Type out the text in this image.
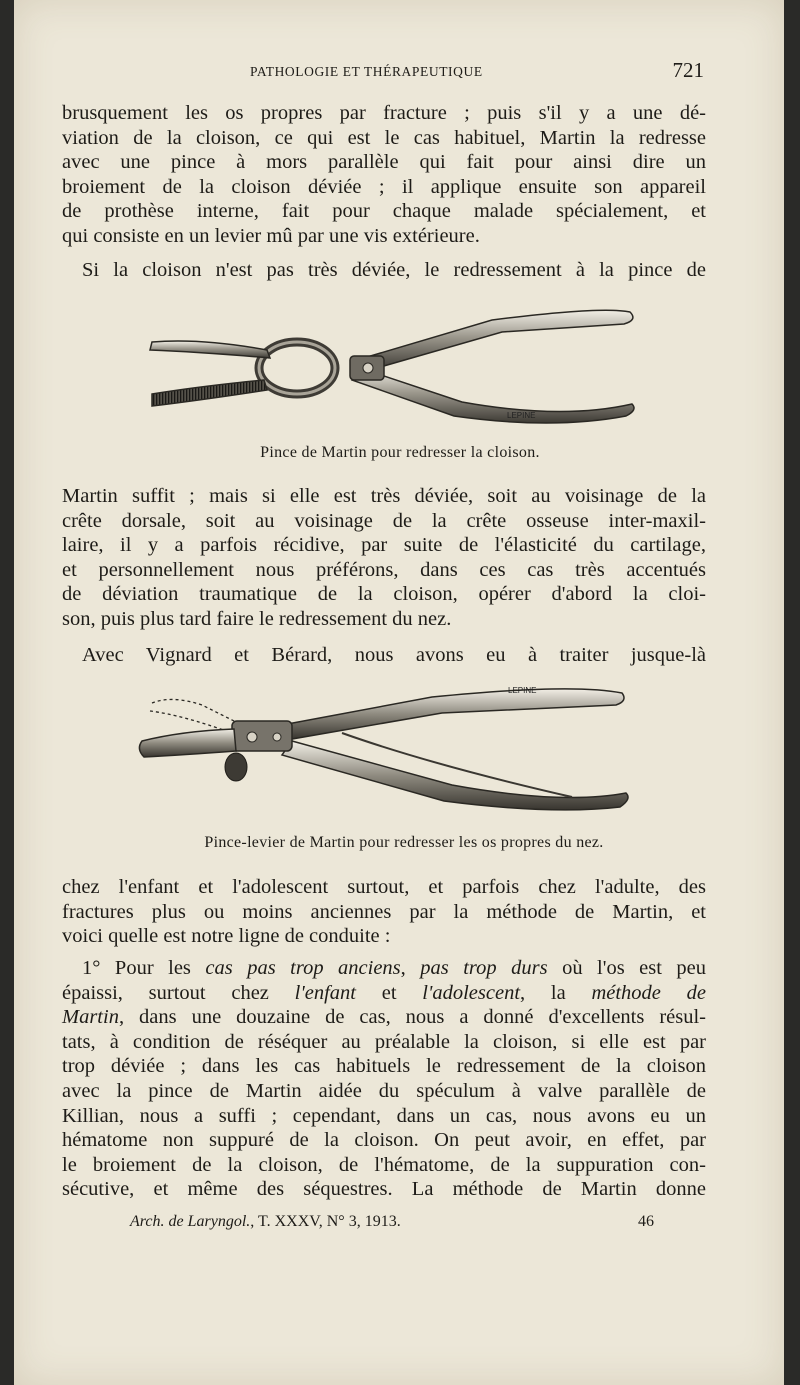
PATHOLOGIE ET THÉRAPEUTIQUE	721

brusquement les os propres par fracture ; puis s'il y a une dé-
viation de la cloison, ce qui est le cas habituel, Martin la redresse
avec une pince à mors parallèle qui fait pour ainsi dire un
broiement de la cloison déviée ; il applique ensuite son appareil
de prothèse interne, fait pour chaque malade spécialement, et
qui consiste en un levier mû par une vis extérieure.

Si la cloison n'est pas très déviée, le redressement à la pince de

LEPINE
Pince de Martin pour redresser la cloison.

Martin suffit ; mais si elle est très déviée, soit au voisinage de la
crête dorsale, soit au voisinage de la crête osseuse inter-maxil-
laire, il y a parfois récidive, par suite de l'élasticité du cartilage,
et personnellement nous préférons, dans ces cas très accentués
de déviation traumatique de la cloison, opérer d'abord la cloi-
son, puis plus tard faire le redressement du nez.

Avec Vignard et Bérard, nous avons eu à traiter jusque-là

LEPINE
Pince-levier de Martin pour redresser les os propres du nez.

chez l'enfant et l'adolescent surtout, et parfois chez l'adulte, des
fractures plus ou moins anciennes par la méthode de Martin, et
voici quelle est notre ligne de conduite :

1° Pour les cas pas trop anciens, pas trop durs où l'os est peu
épaissi, surtout chez l'enfant et l'adolescent, la méthode de
Martin, dans une douzaine de cas, nous a donné d'excellents résul-
tats, à condition de réséquer au préalable la cloison, si elle est par
trop déviée ; dans les cas habituels le redressement de la cloison
avec la pince de Martin aidée du spéculum à valve parallèle de
Killian, nous a suffi ; cependant, dans un cas, nous avons eu un
hématome non suppuré de la cloison. On peut avoir, en effet, par
le broiement de la cloison, de l'hématome, de la suppuration con-
sécutive, et même des séquestres. La méthode de Martin donne

Arch. de Laryngol., T. XXXV, N° 3, 1913.	46
